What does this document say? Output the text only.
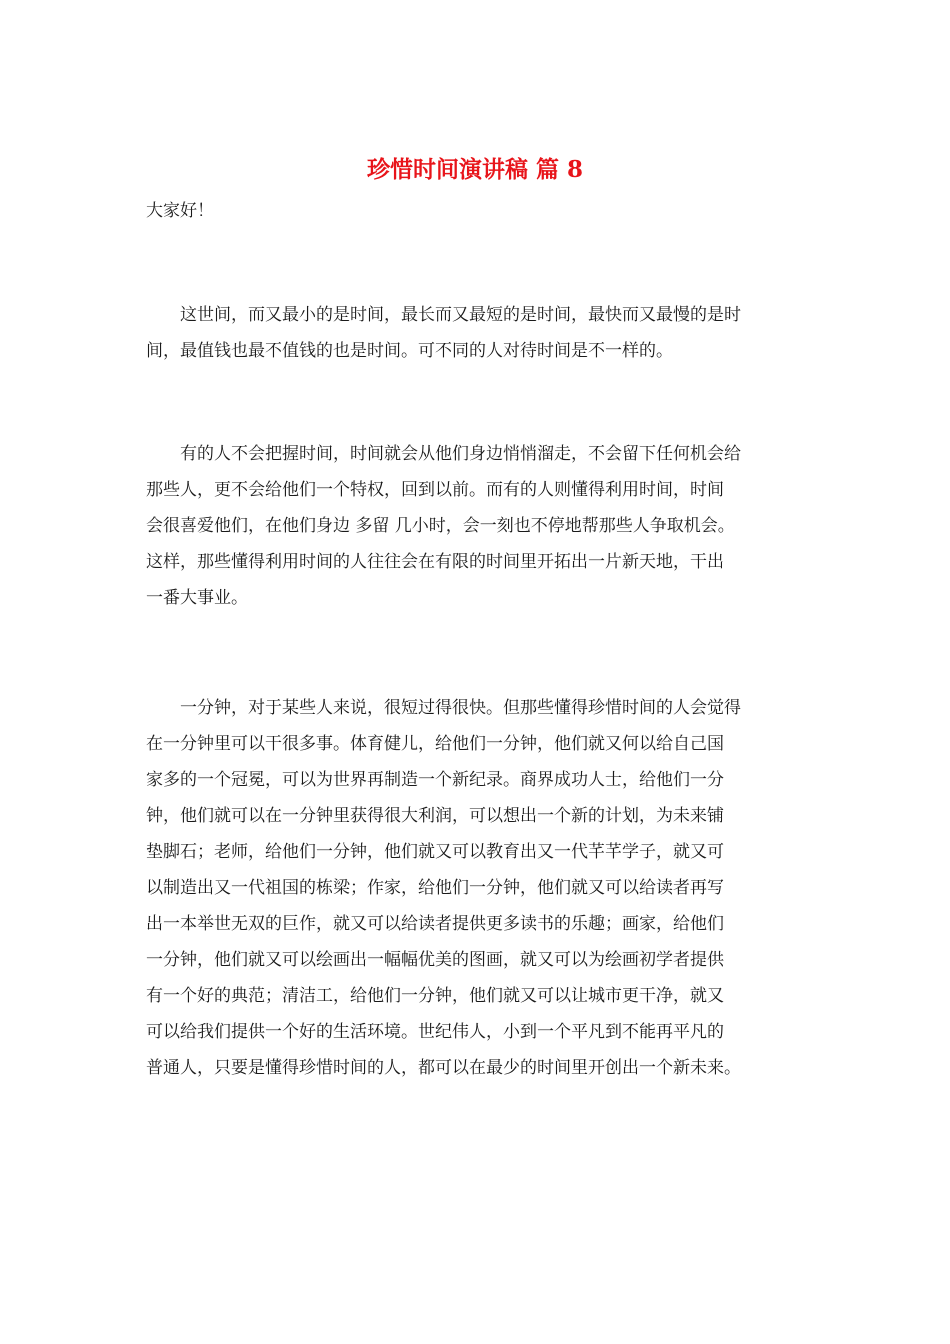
珍惜时间演讲稿 篇 8

大家好！

　　这世间，而又最小的是时间，最长而又最短的是时间，最快而又最慢的是时
间，最值钱也最不值钱的也是时间。可不同的人对待时间是不一样的。

　　有的人不会把握时间，时间就会从他们身边悄悄溜走，不会留下任何机会给
那些人，更不会给他们一个特权，回到以前。而有的人则懂得利用时间，时间
会很喜爱他们，在他们身边 多留 几小时，会一刻也不停地帮那些人争取机会。
这样，那些懂得利用时间的人往往会在有限的时间里开拓出一片新天地，干出
一番大事业。

　　一分钟，对于某些人来说，很短过得很快。但那些懂得珍惜时间的人会觉得
在一分钟里可以干很多事。体育健儿，给他们一分钟，他们就又何以给自己国
家多的一个冠冕，可以为世界再制造一个新纪录。商界成功人士，给他们一分
钟，他们就可以在一分钟里获得很大利润，可以想出一个新的计划，为未来铺
垫脚石；老师，给他们一分钟，他们就又可以教育出又一代芊芊学子，就又可
以制造出又一代祖国的栋梁；作家，给他们一分钟，他们就又可以给读者再写
出一本举世无双的巨作，就又可以给读者提供更多读书的乐趣；画家，给他们
一分钟，他们就又可以绘画出一幅幅优美的图画，就又可以为绘画初学者提供
有一个好的典范；清洁工，给他们一分钟，他们就又可以让城市更干净，就又
可以给我们提供一个好的生活环境。世纪伟人，小到一个平凡到不能再平凡的
普通人，只要是懂得珍惜时间的人，都可以在最少的时间里开创出一个新未来。
